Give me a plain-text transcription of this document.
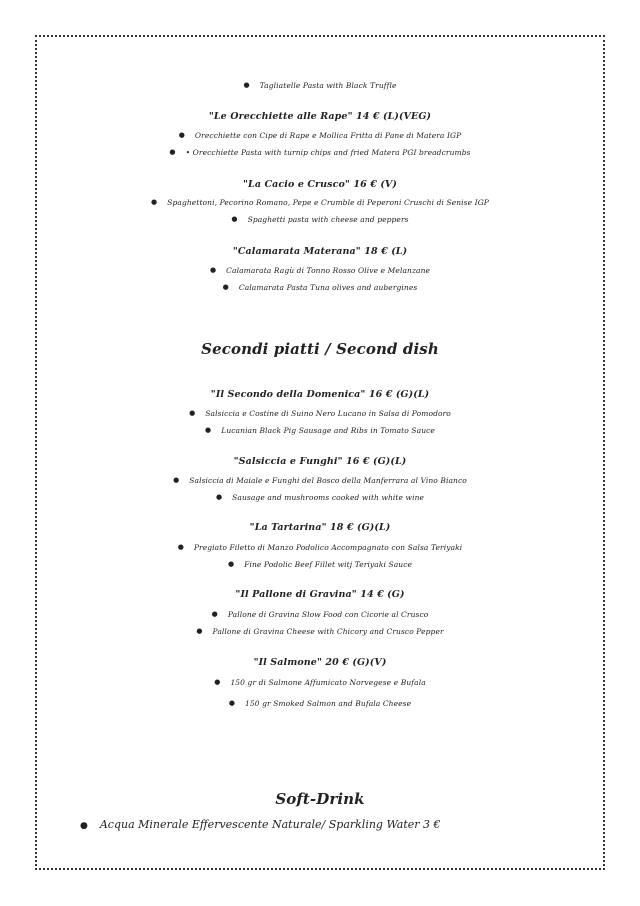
● Tagliatelle Pasta with Black Truffle
"Le Orecchiette alle Rape" 14 € (L)(VEG)
● Orecchiette con Cipe di Rape e Mollica Fritta di Pane di Matera IGP
● • Orecchiette Pasta with turnip chips and fried Matera PGI breadcrumbs
"La Cacio e Crusco" 16 € (V)
● Spaghettoni, Pecorino Romano, Pepe e Crumble di Peperoni Cruschi di Senise IGP
● Spaghetti pasta with cheese and peppers
"Calamarata Materana" 18 € (L)
● Calamarata Ragù di Tonno Rosso Olive e Melanzane
● Calamarata Pasta Tuna olives and aubergines
Secondi piatti / Second dish
"Il Secondo della Domenica" 16 € (G)(L)
● Salsiccia e Costine di Suino Nero Lucano in Salsa di Pomodoro
● Lucanian Black Pig Sausage and Ribs in Tomato Sauce
"Salsiccia e Funghi" 16 € (G)(L)
● Salsiccia di Maiale e Funghi del Bosco della Manferrara al Vino Bianco
● Sausage and mushrooms cooked with white wine
"La Tartarina" 18 € (G)(L)
● Pregiato Filetto di Manzo Podolico Accompagnato con Salsa Teriyaki
● Fine Podolic Beef Fillet witj Teriyaki Sauce
"Il Pallone di Gravina" 14 € (G)
● Pallone di Gravina Slow Food con Cicorie al Crusco
● Pallone di Gravina Cheese with Chicory and Crusco Pepper
"Il Salmone" 20 € (G)(V)
● 150 gr di Salmone Affumicato Norvegese e Bufala
● 150 gr Smoked Salmon and Bufala Cheese
Soft-Drink
● Acqua Minerale Effervescente Naturale/ Sparkling Water 3 €
